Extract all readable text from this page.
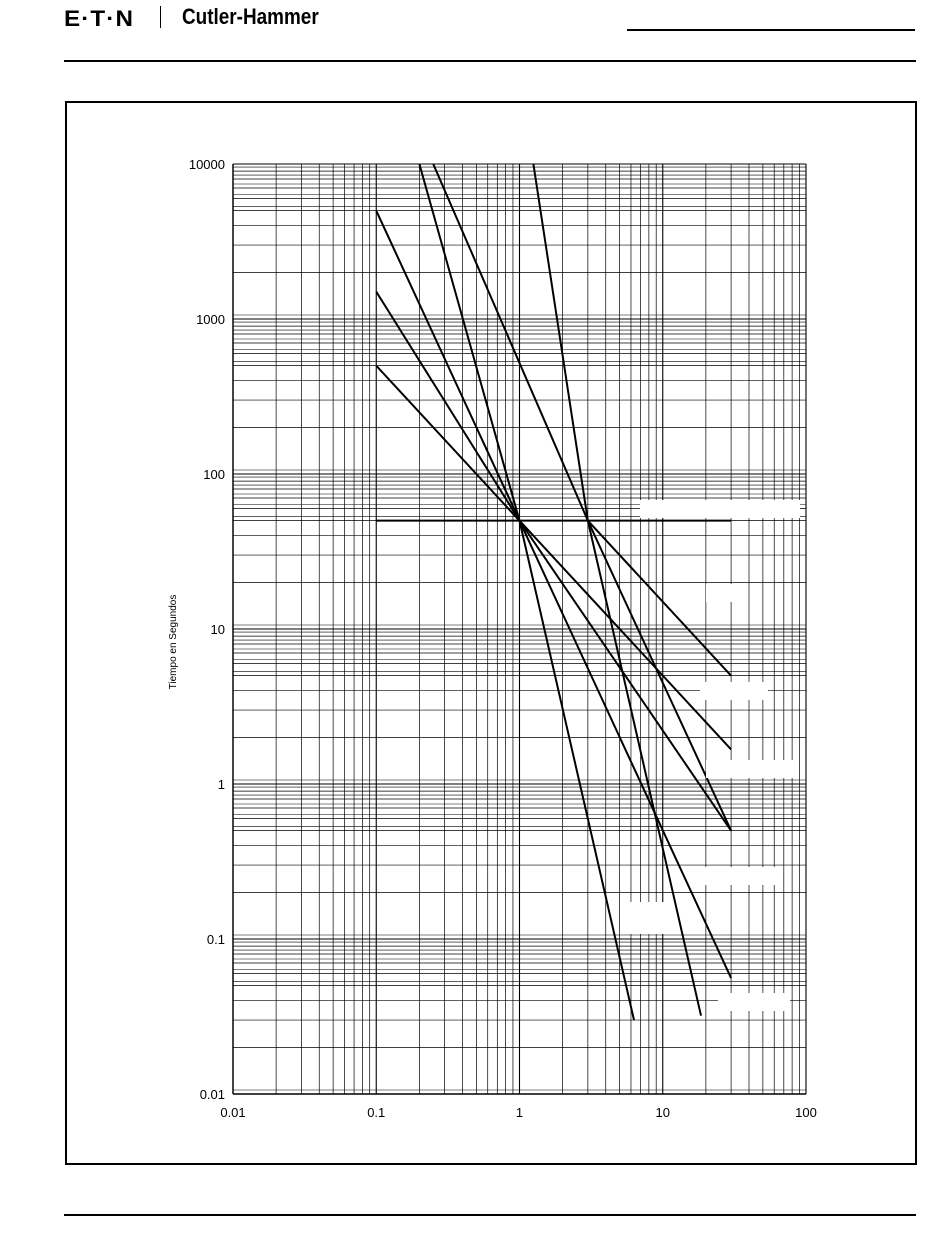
E·T·N Cutler-Hammer
0.01	0.1	1	10	100
10000
1000
100
10
1
0.1
0.01
Tiempo en Segundos
